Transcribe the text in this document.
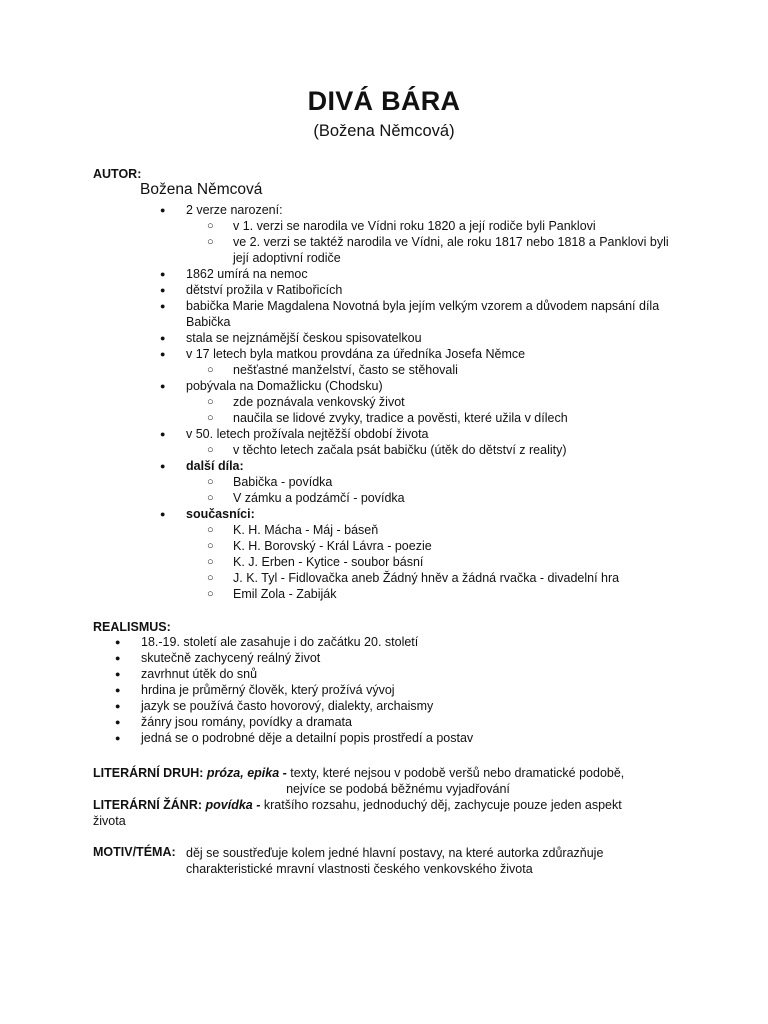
DIVÁ BÁRA
(Božena Němcová)
AUTOR:
Božena Němcová
● 2 verze narození:
○ v 1. verzi se narodila ve Vídni roku 1820 a její rodiče byli Panklovi
○ ve 2. verzi se taktéž narodila ve Vídni, ale roku 1817 nebo 1818 a Panklovi byli její adoptivní rodiče
● 1862 umírá na nemoc
● dětství prožila v Ratibořicích
● babička Marie Magdalena Novotná byla jejím velkým vzorem a důvodem napsání díla Babička
● stala se nejznámější českou spisovatelkou
● v 17 letech byla matkou provdána za úředníka Josefa Němce
○ nešťastné manželství, často se stěhovali
● pobývala na Domažlicku (Chodsku)
○ zde poznávala venkovský život
○ naučila se lidové zvyky, tradice a pověsti, které užila v dílech
● v 50. letech prožívala nejtěžší období života
○ v těchto letech začala psát babičku (útěk do dětství z reality)
● další díla:
○ Babička - povídka
○ V zámku a podzámčí - povídka
● současníci:
○ K. H. Mácha - Máj - báseň
○ K. H. Borovský - Král Lávra - poezie
○ K. J. Erben - Kytice - soubor básní
○ J. K. Tyl - Fidlovačka aneb Žádný hněv a žádná rvačka - divadelní hra
○ Emil Zola - Zabiják
REALISMUS:
● 18.-19. století ale zasahuje i do začátku 20. století
● skutečně zachycený reálný život
● zavrhnut útěk do snů
● hrdina je průměrný člověk, který prožívá vývoj
● jazyk se používá často hovorový, dialekty, archaismy
● žánry jsou romány, povídky a dramata
● jedná se o podrobné děje a detailní popis prostředí a postav
LITERÁRNÍ DRUH: próza, epika - texty, které nejsou v podobě veršů nebo dramatické podobě,
nejvíce se podobá běžnému vyjadřování
LITERÁRNÍ ŽÁNR: povídka - kratšího rozsahu, jednoduchý děj, zachycuje pouze jeden aspekt života
MOTIV/TÉMA: děj se soustřeďuje kolem jedné hlavní postavy, na které autorka zdůrazňuje charakteristické mravní vlastnosti českého venkovského života
